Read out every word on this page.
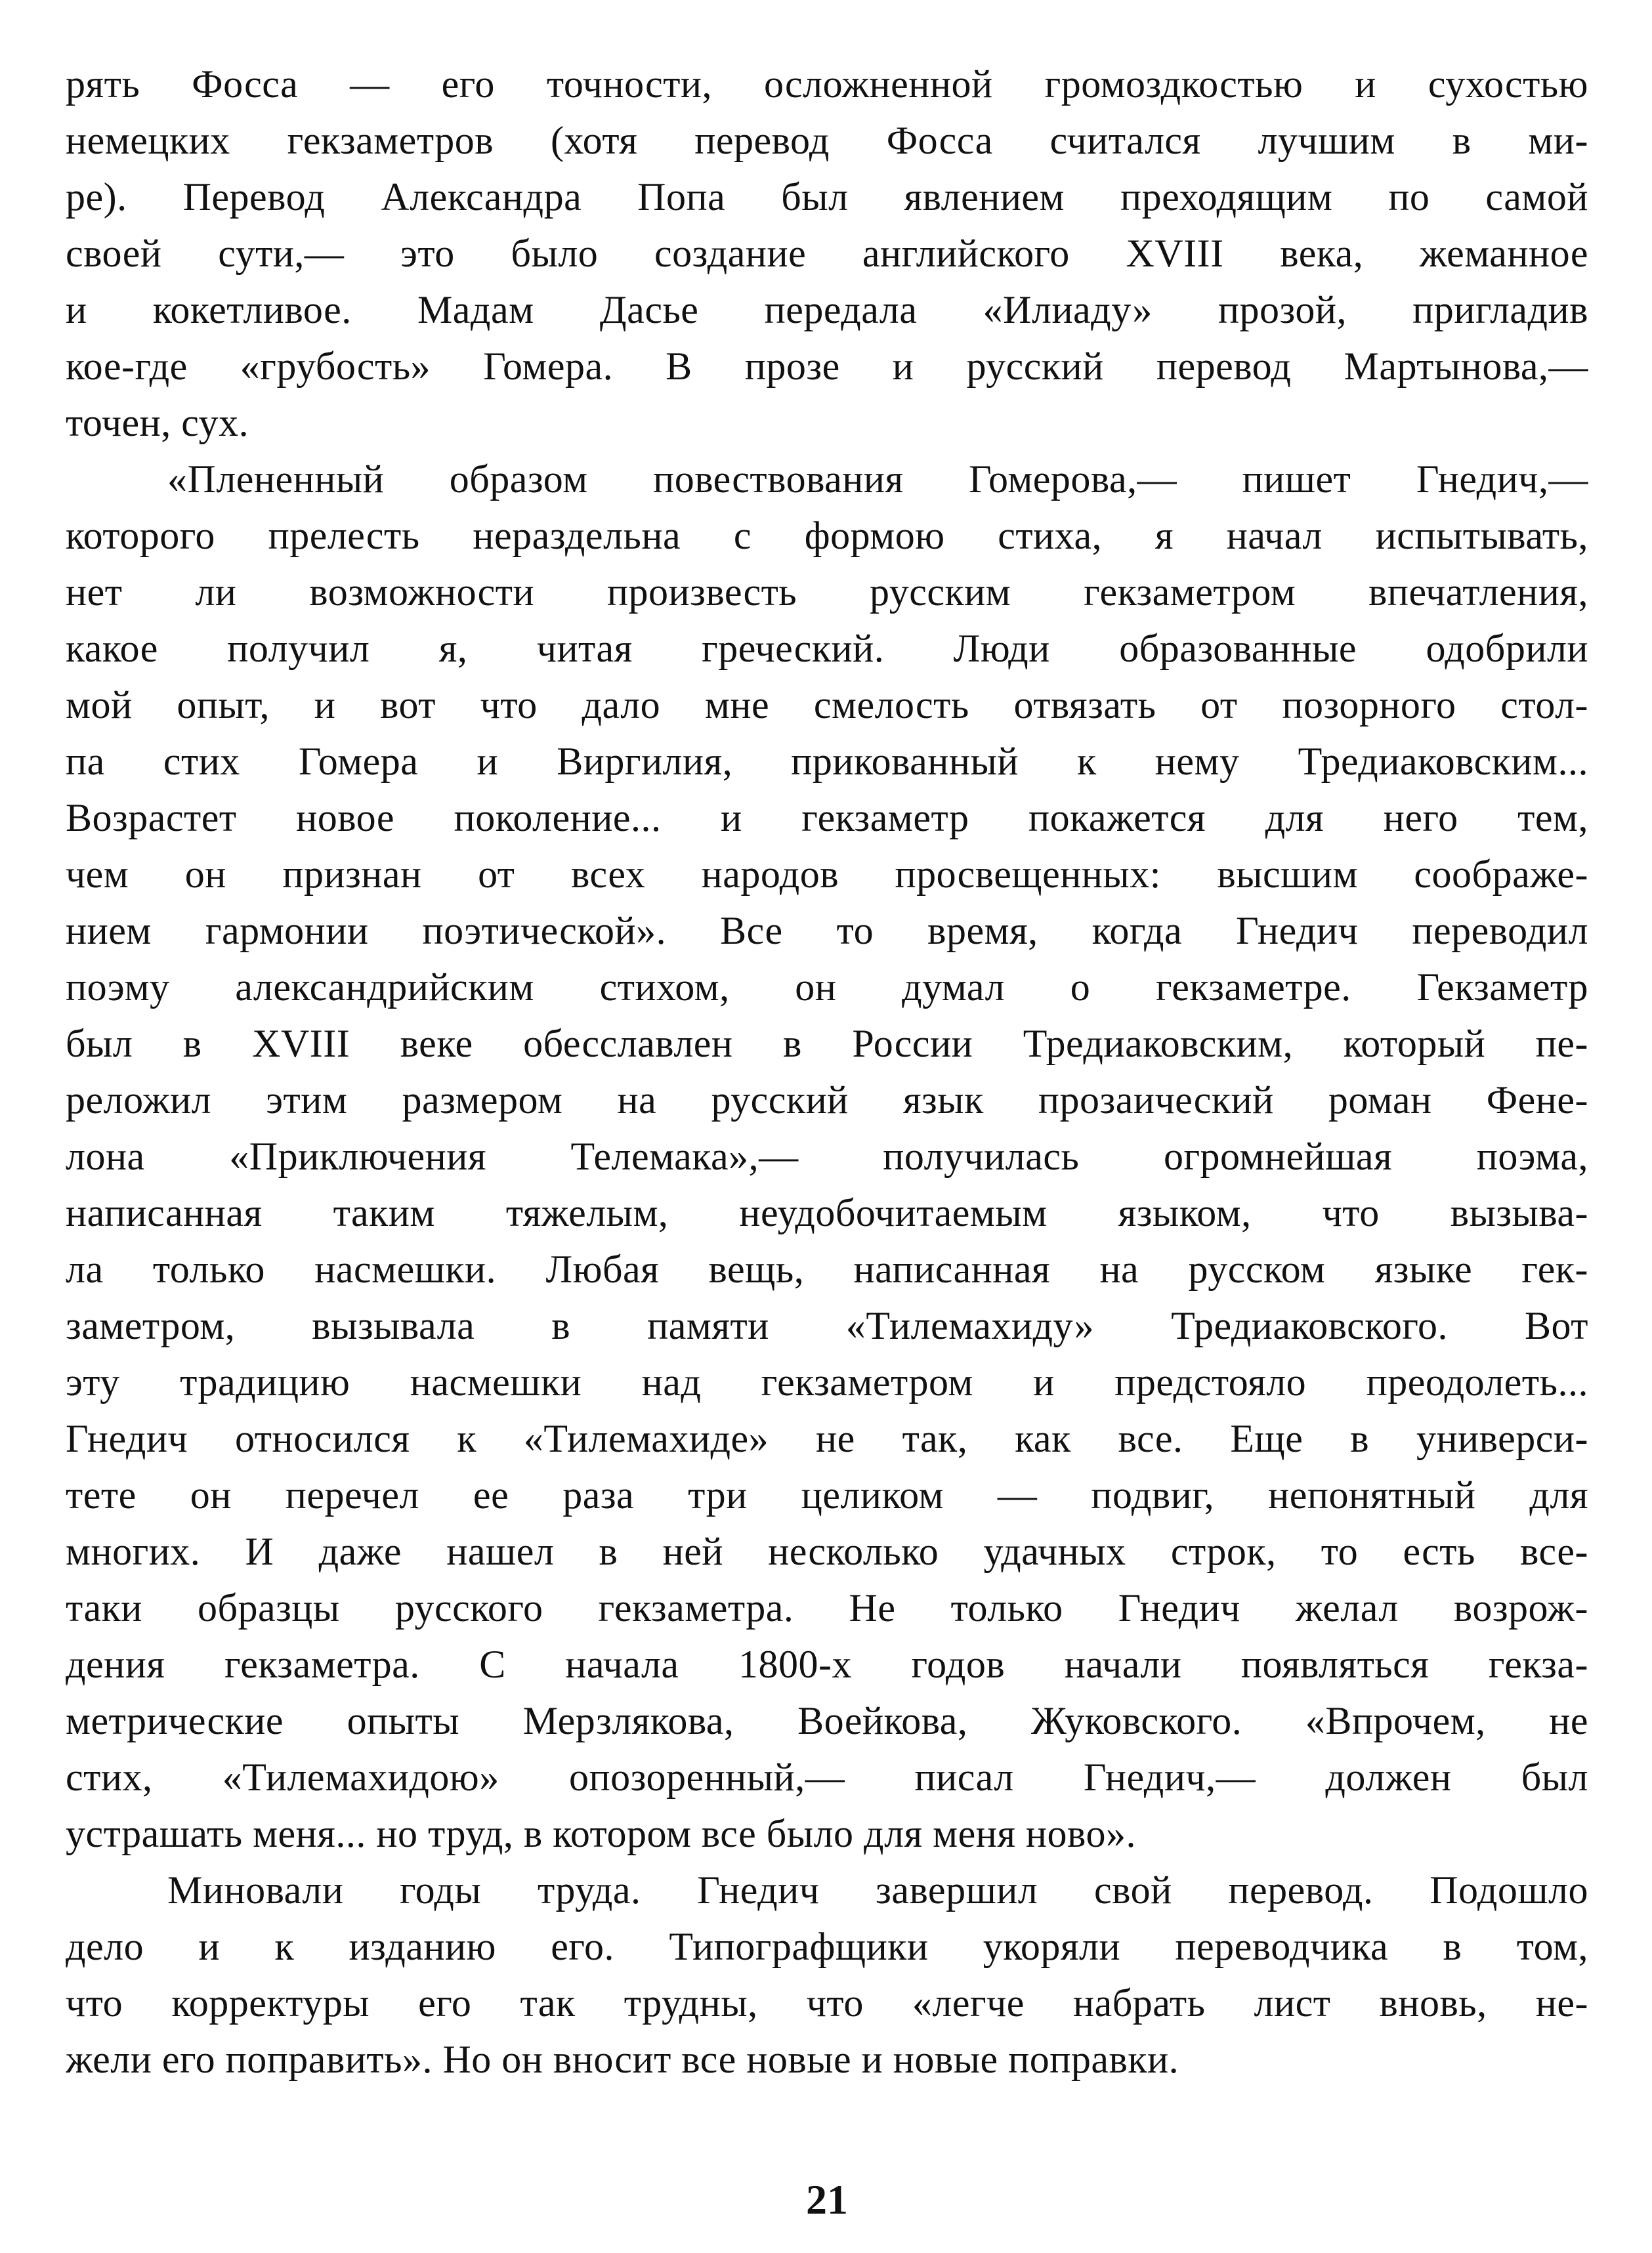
рять Фосса — его точности, осложненной громоздкостью и сухостью
немецких гекзаметров (хотя перевод Фосса считался лучшим в ми-
ре). Перевод Александра Попа был явлением преходящим по самой
своей сути,— это было создание английского XVIII века, жеманное
и кокетливое. Мадам Дасье передала «Илиаду» прозой, пригладив
кое-где «грубость» Гомера. В прозе и русский перевод Мартынова,—
точен, сух.
«Плененный образом повествования Гомерова,— пишет Гнедич,—
которого прелесть нераздельна с формою стиха, я начал испытывать,
нет ли возможности произвесть русским гекзаметром впечатления,
какое получил я, читая греческий. Люди образованные одобрили
мой опыт, и вот что дало мне смелость отвязать от позорного стол-
па стих Гомера и Виргилия, прикованный к нему Тредиаковским...
Возрастет новое поколение... и гекзаметр покажется для него тем,
чем он признан от всех народов просвещенных: высшим соображе-
нием гармонии поэтической». Все то время, когда Гнедич переводил
поэму александрийским стихом, он думал о гекзаметре. Гекзаметр
был в XVIII веке обесславлен в России Тредиаковским, который пе-
реложил этим размером на русский язык прозаический роман Фене-
лона «Приключения Телемака»,— получилась огромнейшая поэма,
написанная таким тяжелым, неудобочитаемым языком, что вызыва-
ла только насмешки. Любая вещь, написанная на русском языке гек-
заметром, вызывала в памяти «Тилемахиду» Тредиаковского. Вот
эту традицию насмешки над гекзаметром и предстояло преодолеть...
Гнедич относился к «Тилемахиде» не так, как все. Еще в универси-
тете он перечел ее раза три целиком — подвиг, непонятный для
многих. И даже нашел в ней несколько удачных строк, то есть все-
таки образцы русского гекзаметра. Не только Гнедич желал возрож-
дения гекзаметра. С начала 1800-х годов начали появляться гекза-
метрические опыты Мерзлякова, Воейкова, Жуковского. «Впрочем, не
стих, «Тилемахидою» опозоренный,— писал Гнедич,— должен был
устрашать меня... но труд, в котором все было для меня ново».
Миновали годы труда. Гнедич завершил свой перевод. Подошло
дело и к изданию его. Типографщики укоряли переводчика в том,
что корректуры его так трудны, что «легче набрать лист вновь, не-
жели его поправить». Но он вносит все новые и новые поправки.
21
